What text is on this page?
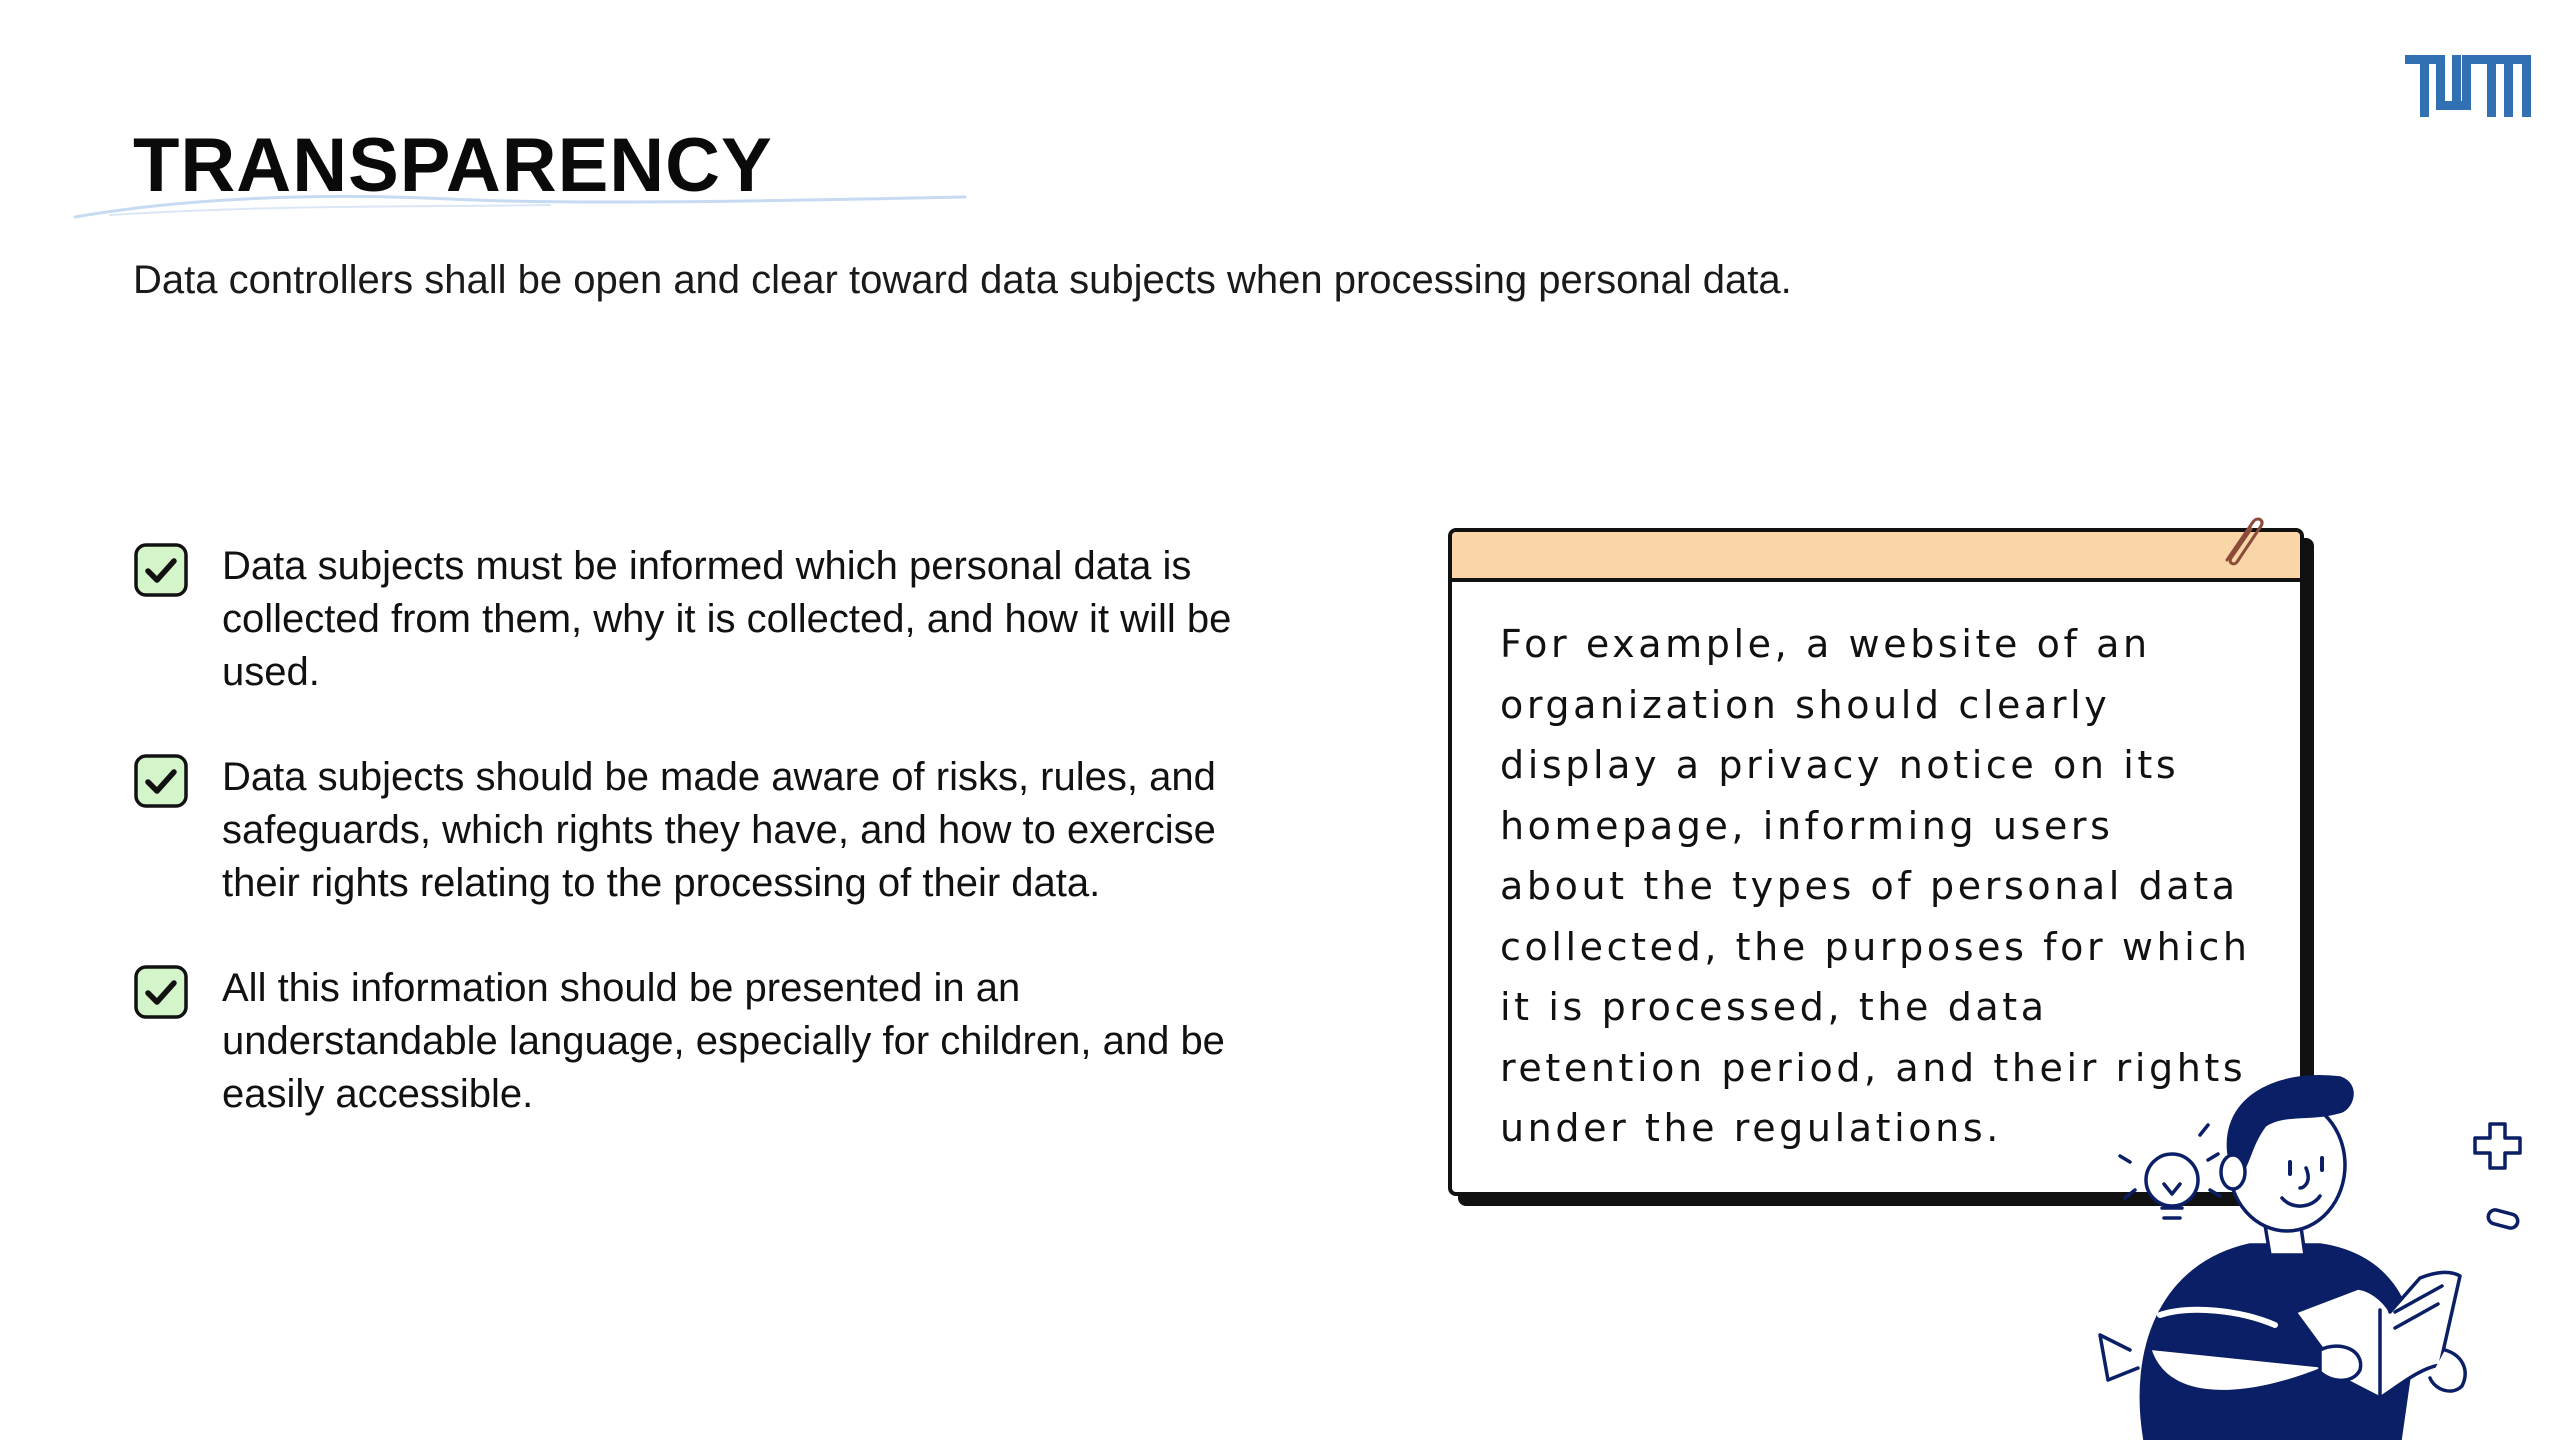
TRANSPARENCY

Data controllers shall be open and clear toward data subjects when processing personal data.

Data subjects must be informed which personal data is collected from them, why it is collected, and how it will be used.

Data subjects should be made aware of risks, rules, and safeguards, which rights they have, and how to exercise their rights relating to the processing of their data.

All this information should be presented in an understandable language, especially for children, and be easily accessible.

For example, a website of an organization should clearly display a privacy notice on its homepage, informing users about the types of personal data collected, the purposes for which it is processed, the data retention period, and their rights under the regulations.
